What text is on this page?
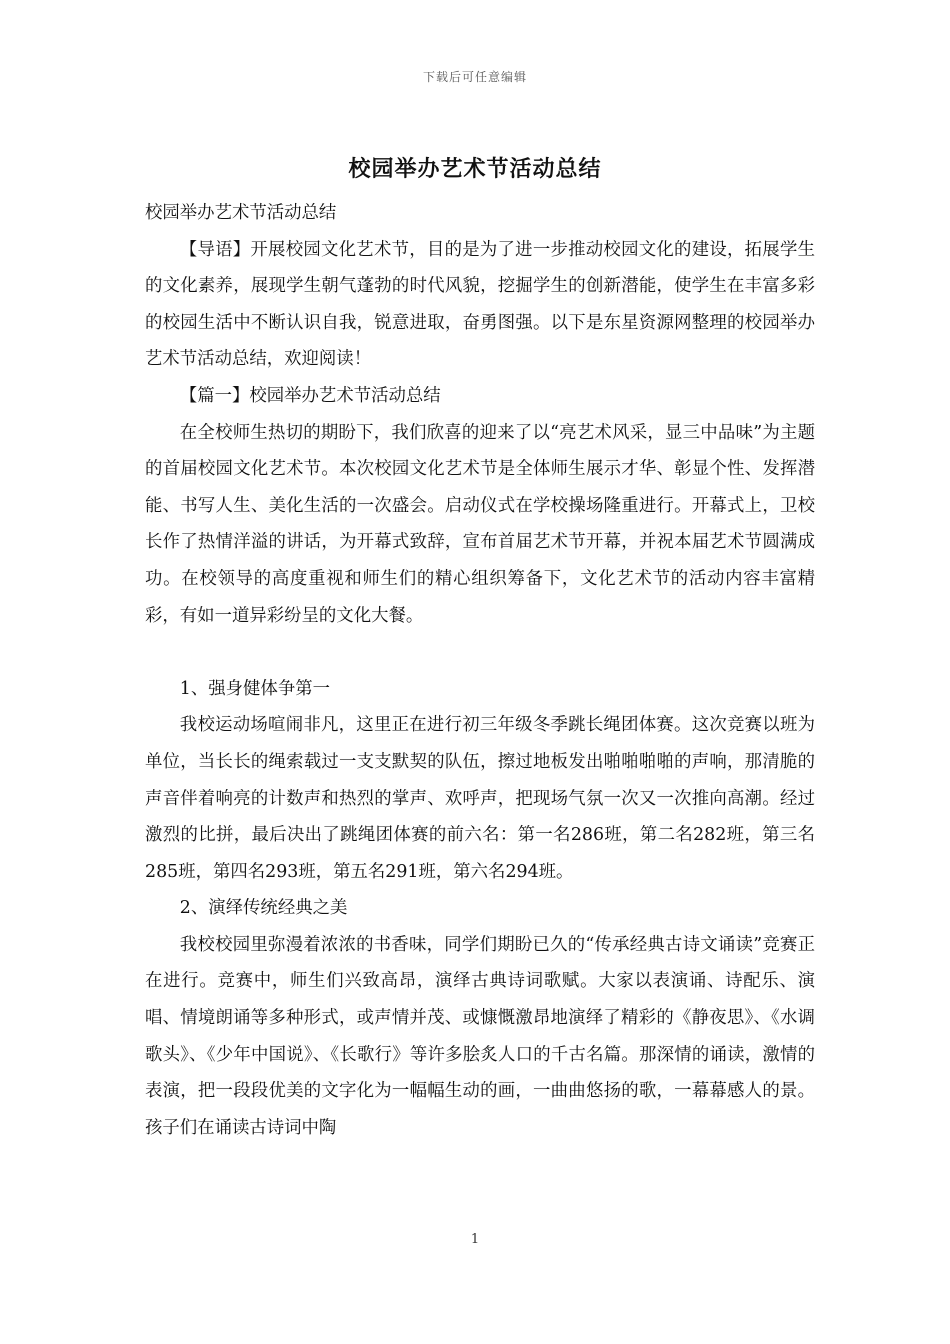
下载后可任意编辑
校园举办艺术节活动总结

校园举办艺术节活动总结

【导语】开展校园文化艺术节，目的是为了进一步推动校园文化的建设，拓展学生的文化素养，展现学生朝气蓬勃的时代风貌，挖掘学生的创新潜能，使学生在丰富多彩的校园生活中不断认识自我，锐意进取，奋勇图强。以下是东星资源网整理的校园举办艺术节活动总结，欢迎阅读！

【篇一】校园举办艺术节活动总结

在全校师生热切的期盼下，我们欣喜的迎来了以“亮艺术风采，显三中品味”为主题的首届校园文化艺术节。本次校园文化艺术节是全体师生展示才华、彰显个性、发挥潜能、书写人生、美化生活的一次盛会。启动仪式在学校操场隆重进行。开幕式上，卫校长作了热情洋溢的讲话，为开幕式致辞，宣布首届艺术节开幕，并祝本届艺术节圆满成功。在校领导的高度重视和师生们的精心组织筹备下，文化艺术节的活动内容丰富精彩，有如一道异彩纷呈的文化大餐。

1、强身健体争第一

我校运动场喧闹非凡，这里正在进行初三年级冬季跳长绳团体赛。这次竞赛以班为单位，当长长的绳索载过一支支默契的队伍，擦过地板发出啪啪啪啪的声响，那清脆的声音伴着响亮的计数声和热烈的掌声、欢呼声，把现场气氛一次又一次推向高潮。经过激烈的比拼，最后决出了跳绳团体赛的前六名：第一名286班，第二名282班，第三名285班，第四名293班，第五名291班，第六名294班。

2、演绎传统经典之美

我校校园里弥漫着浓浓的书香味，同学们期盼已久的“传承经典古诗文诵读”竞赛正在进行。竞赛中，师生们兴致高昂，演绎古典诗词歌赋。大家以表演诵、诗配乐、演唱、情境朗诵等多种形式，或声情并茂、或慷慨激昂地演绎了精彩的《静夜思》、《水调歌头》、《少年中国说》、《长歌行》等许多脍炙人口的千古名篇。那深情的诵读，激情的表演，把一段段优美的文字化为一幅幅生动的画，一曲曲悠扬的歌，一幕幕感人的景。孩子们在诵读古诗词中陶

1
